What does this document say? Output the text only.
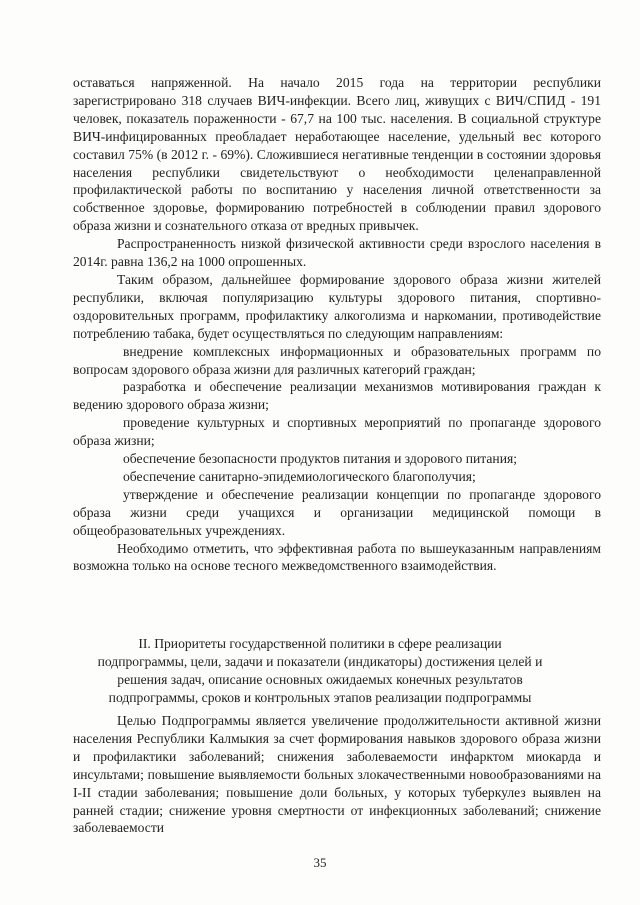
оставаться напряженной. На начало 2015 года на территории республики зарегистрировано 318 случаев ВИЧ-инфекции. Всего лиц, живущих с ВИЧ/СПИД - 191 человек, показатель пораженности - 67,7 на 100 тыс. населения. В социальной структуре ВИЧ-инфицированных преобладает неработающее население, удельный вес которого составил 75% (в 2012 г. - 69%). Сложившиеся негативные тенденции в состоянии здоровья населения республики свидетельствуют о необходимости целенаправленной профилактической работы по воспитанию у населения личной ответственности за собственное здоровье, формированию потребностей в соблюдении правил здорового образа жизни и сознательного отказа от вредных привычек.

Распространенность низкой физической активности среди взрослого населения в 2014г. равна 136,2 на 1000 опрошенных.

Таким образом, дальнейшее формирование здорового образа жизни жителей республики, включая популяризацию культуры здорового питания, спортивно-оздоровительных программ, профилактику алкоголизма и наркомании, противодействие потреблению табака, будет осуществляться по следующим направлениям:

внедрение комплексных информационных и образовательных программ по вопросам здорового образа жизни для различных категорий граждан;

разработка и обеспечение реализации механизмов мотивирования граждан к ведению здорового образа жизни;

проведение культурных и спортивных мероприятий по пропаганде здорового образа жизни;

обеспечение безопасности продуктов питания и здорового питания;

обеспечение санитарно-эпидемиологического благополучия;

утверждение и обеспечение реализации концепции по пропаганде здорового образа жизни среди учащихся и организации медицинской помощи в общеобразовательных учреждениях.

Необходимо отметить, что эффективная работа по вышеуказанным направлениям возможна только на основе тесного межведомственного взаимодействия.

II. Приоритеты государственной политики в сфере реализации подпрограммы, цели, задачи и показатели (индикаторы) достижения целей и решения задач, описание основных ожидаемых конечных результатов подпрограммы, сроков и контрольных этапов реализации подпрограммы

Целью Подпрограммы является увеличение продолжительности активной жизни населения Республики Калмыкия за счет формирования навыков здорового образа жизни и профилактики заболеваний; снижения заболеваемости инфарктом миокарда и инсультами; повышение выявляемости больных злокачественными новообразованиями на I-II стадии заболевания; повышение доли больных, у которых туберкулез выявлен на ранней стадии; снижение уровня смертности от инфекционных заболеваний; снижение заболеваемости

35
